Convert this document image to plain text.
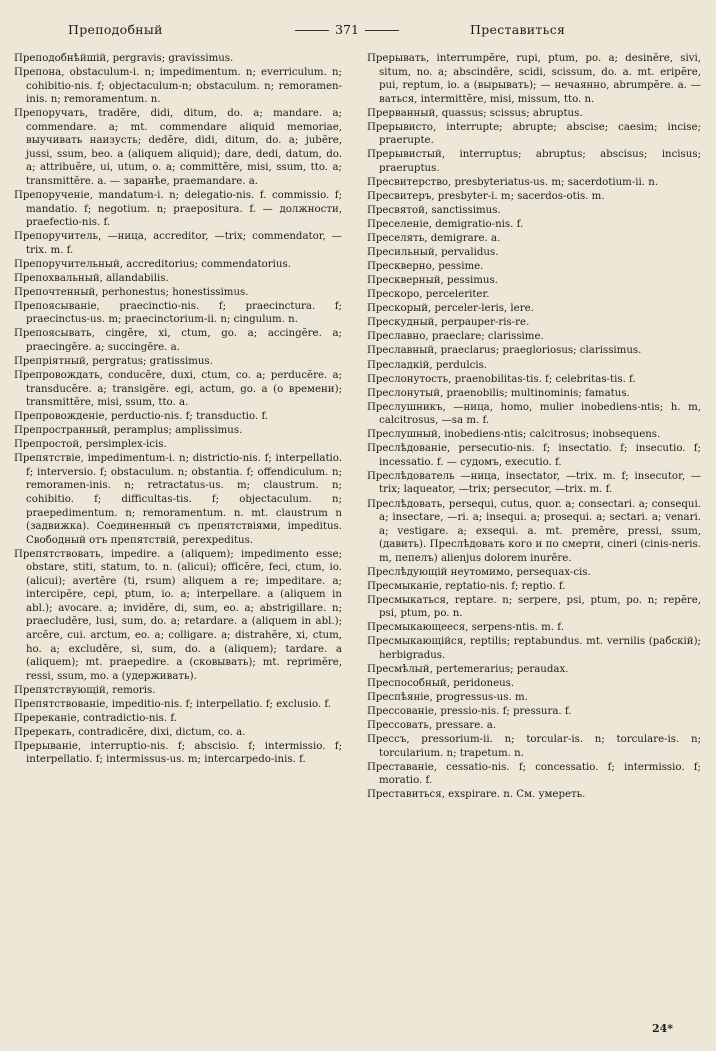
Преподобный	371	Преставиться

Преподобнѣйшій, pergravis; gravissimus.

Препона, obstaculum-i. n; impedimentum. n; everriculum. n; cohibitio-nis. f; objectaculum-n; obstaculum. n; remoramen-inis. n; remoramentum. n.

Препоручать, tradĕre, didi, ditum, do. a; mandare. a; commendare. a; mt. commendare aliquid memoriae, выучивать наизусть; dedĕre, didi, ditum, do. a; jubĕre, jussi, ssum, beo. a (aliquem aliquid); dare, dedi, datum, do. a; attribuĕre, ui, utum, o. a; committĕre, misi, ssum, tto. a; transmittĕre. a. — заранѣе, praemandare. a.

Препорученіе, mandatum-i. n; delegatio-nis. f. commissio. f; mandatio. f; negotium. n; praepositura. f. — должности, praefectio-nis. f.

Препоручитель, —ница, accreditor, —trix; commendator, —trix. m. f.

Препоручительный, accreditorius; commendatorius.

Препохвальный, allandabilis.

Препочтенный, perhonestus; honestissimus.

Препоясываніе, praecinctio-nis. f; praecinctura. f; praecinctus-us. m; praecinctorium-ii. n; cingulum. n.

Препоясывать, cingĕre, xi, ctum, go. a; accingĕre. a; praecingĕre. a; succingĕre. a.

Препріятный, pergratus; gratissimus.

Препровождать, conducĕre, duxi, ctum, co. a; perducĕre. a; transducĕre. a; transigĕre. egi, actum, go. a (о времени); transmittĕre, misi, ssum, tto. a.

Препровожденіе, perductio-nis. f; transductio. f.

Препространный, peramplus; amplissimus.

Препростой, persimplex-icis.

Препятствіе, impedimentum-i. n; districtio-nis. f; interpellatio. f; interversio. f; obstaculum. n; obstantia. f; offendiculum. n; remoramen-inis. n; retractatus-us. m; claustrum. n; cohibitio. f; difficultas-tis. f; objectaculum. n; praepedimentum. n; remoramentum. n. mt. claustrum n (задвижка). Соединенный съ препятствіями, impeditus. Свободный отъ препятствій, perexpeditus.

Препятствовать, impedire. a (aliquem); impedimento esse; obstare, stiti, statum, to. n. (alicui); officĕre, feci, ctum, io. (alicui); avertĕre (ti, rsum) aliquem a re; impeditare. a; intercipĕre, cepi, ptum, io. a; interpellare. a (aliquem in abl.); avocare. a; invidĕre, di, sum, eo. a; abstrigillare. n; praecludĕre, lusi, sum, do. a; retardare. a (aliquem in abl.); arcĕre, cui. arctum, eo. a; colligare. a; distrahĕre, xi, ctum, ho. a; excludĕre, si, sum, do. a (aliquem); tardare. a (aliquem); mt. praepedire. a (сковывать); mt. reprimĕre, ressi, ssum, mo. a (удерживать).

Препятствующій, remoris.

Препятствованіе, impeditio-nis. f; interpellatio. f; exclusio. f.

Пререканіе, contradictio-nis. f.

Пререкать, contradicĕre, dixi, dictum, co. a.

Прерываніе, interruptio-nis. f; abscisio. f; intermissio. f; interpellatio. f; intermissus-us. m; intercarpedo-inis. f.

Прерывать, interrumpĕre, rupi, ptum, po. a; desinĕre, sivi, situm, no. a; abscindĕre, scidi, scissum, do. a. mt. eripĕre, pui, reptum, io. a (вырывать); — нечаянно, abrumpĕre. a. —ваться, intermittĕre, misi, missum, tto. n.

Прерванный, quassus; scissus; abruptus.

Прерывисто, interrupte; abrupte; abscise; caesim; incise; praerupte.

Прерывистый, interruptus; abruptus; abscisus; incisus; praeruptus.

Пресвитерство, presbyteriatus-us. m; sacerdotium-ii. n.

Пресвитеръ, presbyter-i. m; sacerdos-otis. m.

Пресвятой, sanctissimus.

Преселеніе, demigratio-nis. f.

Преселять, demigrare. a.

Пресильный, pervalidus.

Прескверно, pessime.

Прескверный, pessimus.

Прескоро, perceleriter.

Прескорый, perceler-leris, lere.

Прескудный, perpauper-ris-re.

Преславно, praeclare; clarissime.

Преславный, praeclarus; praegloriosus; clarissimus.

Пресладкій, perdulcis.

Преслонутость, praenobilitas-tis. f; celebritas-tis. f.

Преслонутый, praenobilis; multinominis; famatus.

Преслушникъ, —ница, homo, mulier inobediens-ntis; h. m, calcitrosus, —sa m. f.

Преслушный, inobediens-ntis; calcitrosus; inobsequens.

Преслѣдованіе, persecutio-nis. f; insectatio. f; insecutio. f; incessatio. f. — судомъ, executio. f.

Преслѣдователь —ница, insectator, —trix. m. f; insecutor, —trix; laqueator, —trix; persecutor, —trix. m. f.

Преслѣдовать, persequi, cutus, quor. a; consectari. a; consequi. a; insectare, —ri. a; insequi. a; prosequi. a; sectari. a; venari. a; vestigare. a; exsequi. a. mt. premĕre, pressi, ssum, (давить). Преслѣдовать кого и по смерти, cineri (cinis-neris. m, пепелъ) alienjus dolorem inurĕre.

Преслѣдующій неутомимо, persequax-cis.

Пресмыканіе, reptatio-nis. f; reptio. f.

Пресмыкаться, reptare. n; serpere, psi, ptum, po. n; repĕre, psi, ptum, po. n.

Пресмыкающееся, serpens-ntis. m. f.

Пресмыкающійся, reptilis; reptabundus. mt. vernilis (рабскій); herbigradus.

Пресмѣлый, pertemerarius; peraudax.

Преспособный, peridoneus.

Преспѣяніе, progressus-us. m.

Прессованіе, pressio-nis. f; pressura. f.

Прессовать, pressare. a.

Прессъ, pressorium-ii. n; torcular-is. n; torculare-is. n; torcularium. n; trapetum. n.

Преставаніе, cessatio-nis. f; concessatio. f; intermissio. f; moratio. f.

Преставиться, exspirare. n. См. умереть.

24*
